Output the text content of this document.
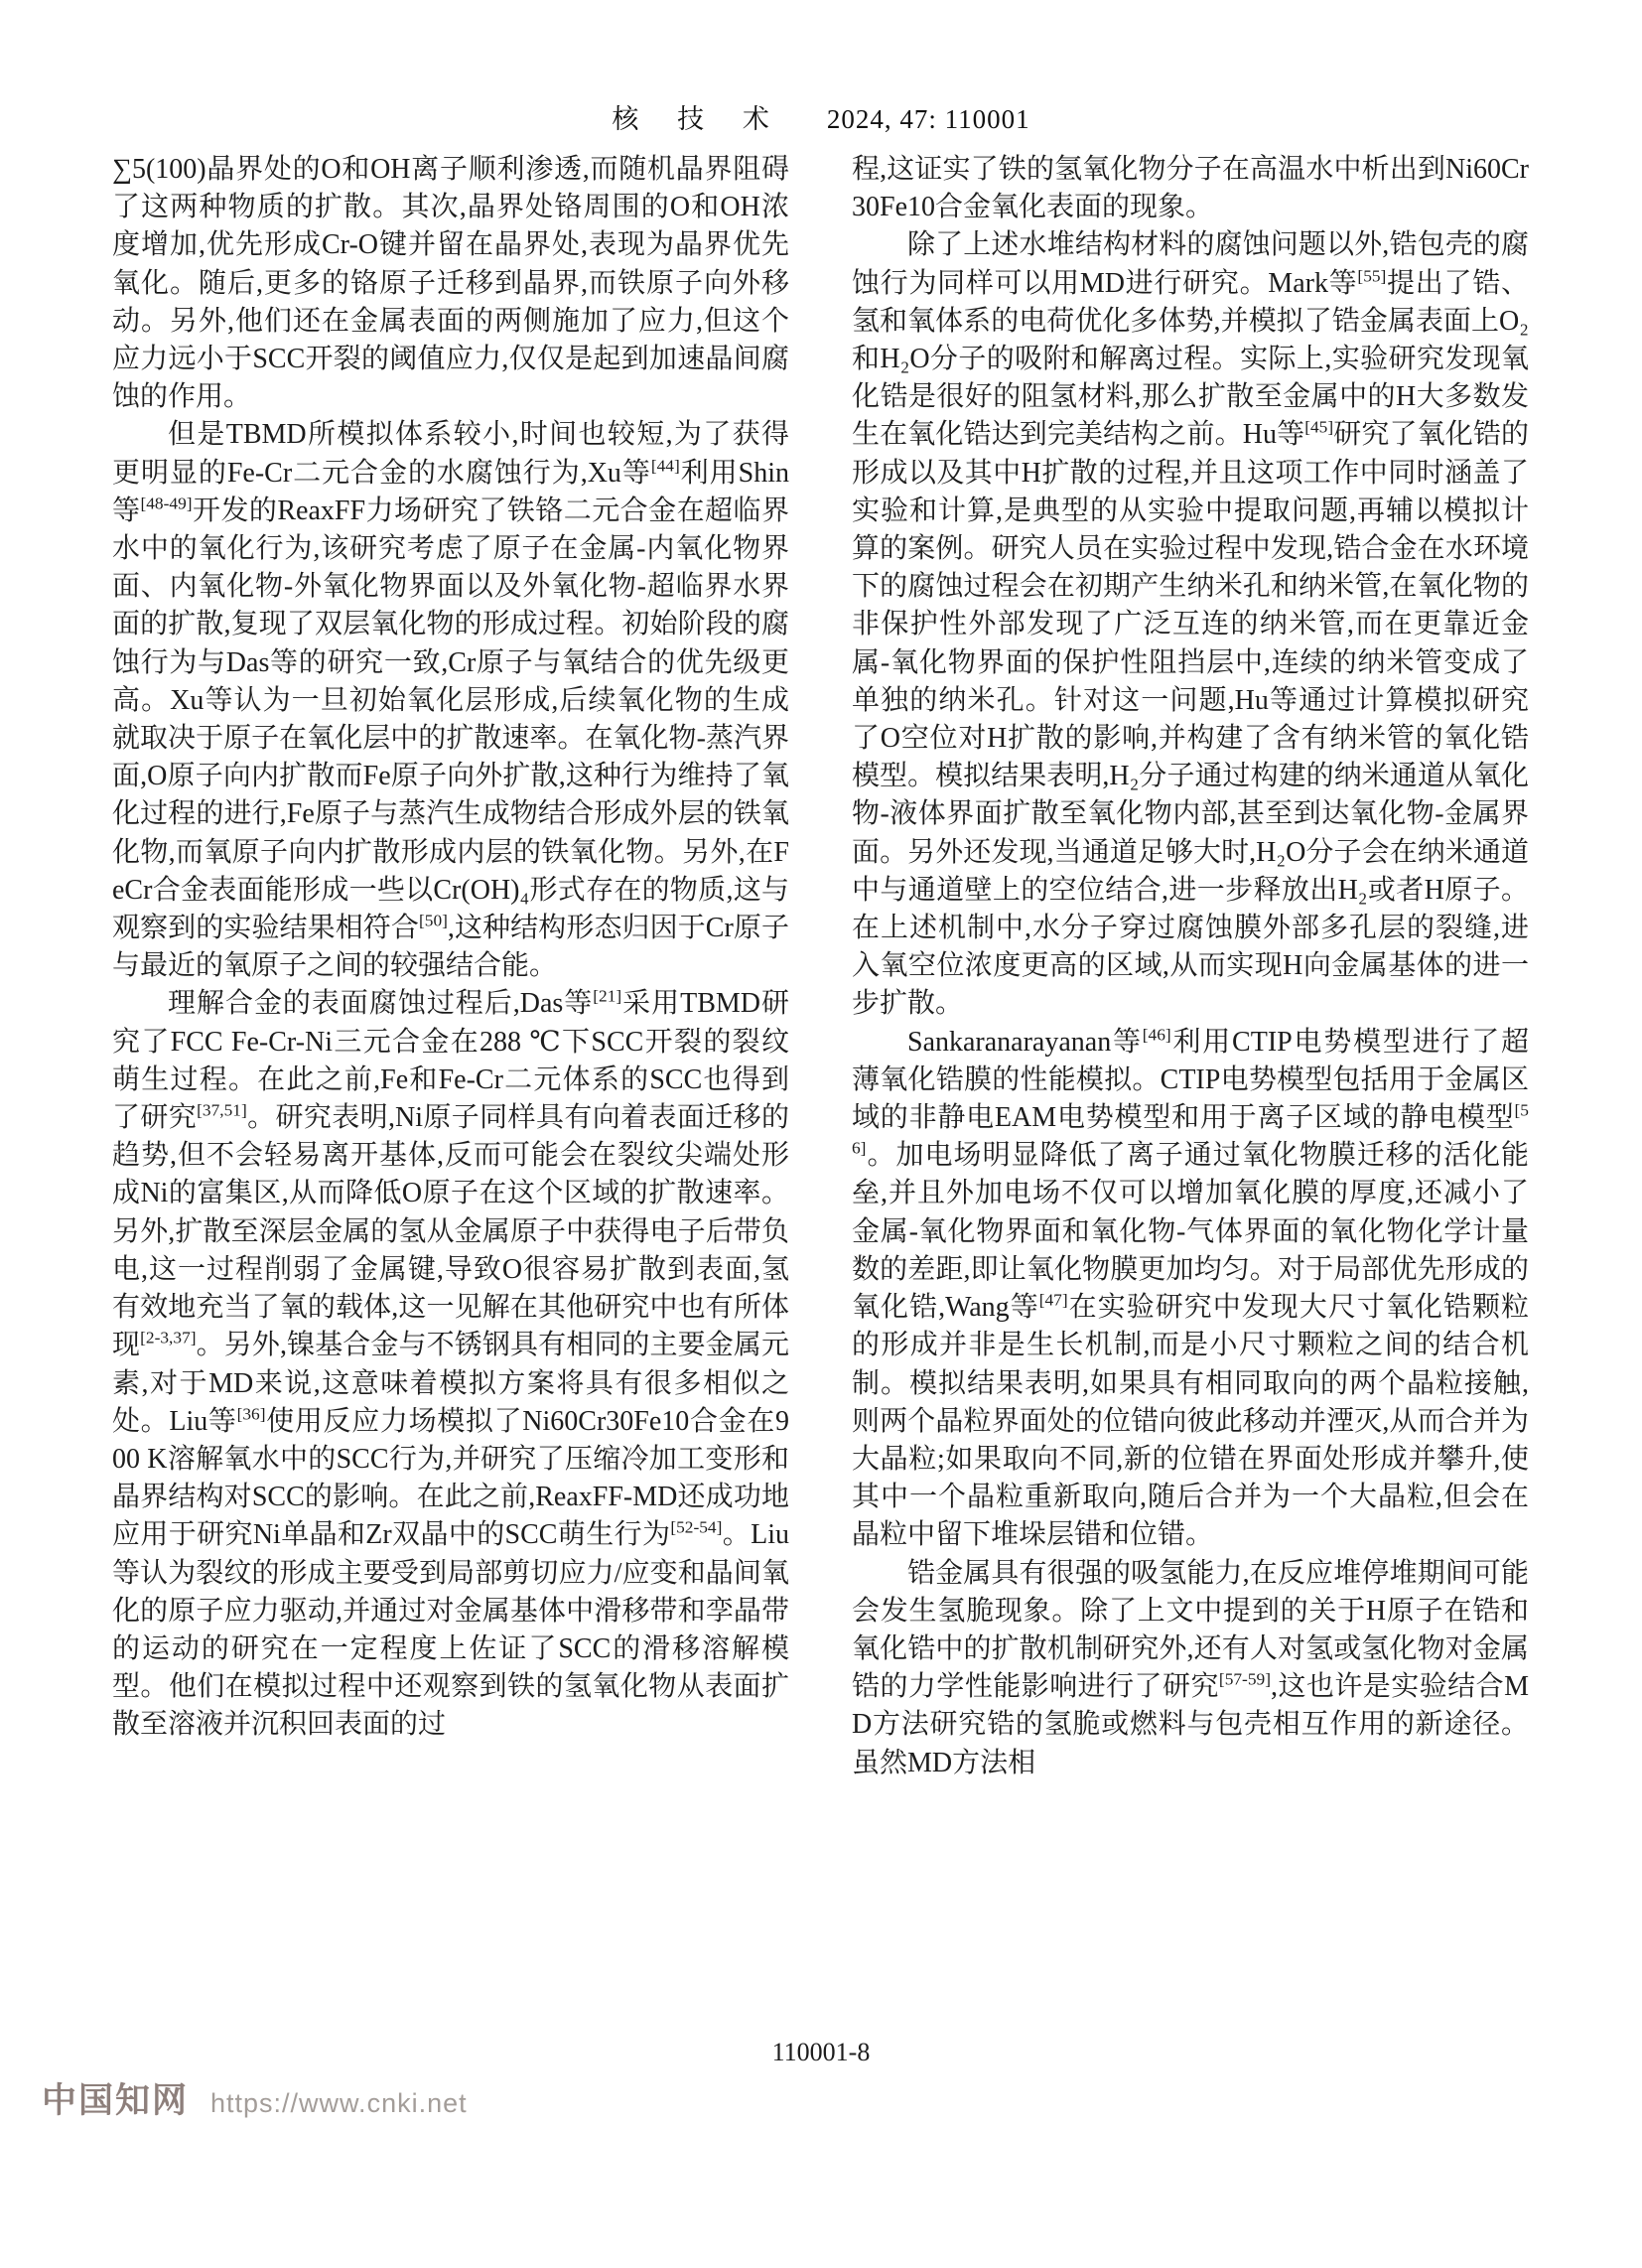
核 技 术 2024, 47: 110001

∑5(100)晶界处的O和OH离子顺利渗透,而随机晶界阻碍了这两种物质的扩散。其次,晶界处铬周围的O和OH浓度增加,优先形成Cr-O键并留在晶界处,表现为晶界优先氧化。随后,更多的铬原子迁移到晶界,而铁原子向外移动。另外,他们还在金属表面的两侧施加了应力,但这个应力远小于SCC开裂的阈值应力,仅仅是起到加速晶间腐蚀的作用。

但是TBMD所模拟体系较小,时间也较短,为了获得更明显的Fe-Cr二元合金的水腐蚀行为,Xu等[44]利用Shin等[48-49]开发的ReaxFF力场研究了铁铬二元合金在超临界水中的氧化行为,该研究考虑了原子在金属-内氧化物界面、内氧化物-外氧化物界面以及外氧化物-超临界水界面的扩散,复现了双层氧化物的形成过程。初始阶段的腐蚀行为与Das等的研究一致,Cr原子与氧结合的优先级更高。Xu等认为一旦初始氧化层形成,后续氧化物的生成就取决于原子在氧化层中的扩散速率。在氧化物-蒸汽界面,O原子向内扩散而Fe原子向外扩散,这种行为维持了氧化过程的进行,Fe原子与蒸汽生成物结合形成外层的铁氧化物,而氧原子向内扩散形成内层的铁氧化物。另外,在FeCr合金表面能形成一些以Cr(OH)₄形式存在的物质,这与观察到的实验结果相符合[50],这种结构形态归因于Cr原子与最近的氧原子之间的较强结合能。

理解合金的表面腐蚀过程后,Das等[21]采用TBMD研究了FCC Fe-Cr-Ni三元合金在288 ℃下SCC开裂的裂纹萌生过程。在此之前,Fe和Fe-Cr二元体系的SCC也得到了研究[37,51]。研究表明,Ni原子同样具有向着表面迁移的趋势,但不会轻易离开基体,反而可能会在裂纹尖端处形成Ni的富集区,从而降低O原子在这个区域的扩散速率。另外,扩散至深层金属的氢从金属原子中获得电子后带负电,这一过程削弱了金属键,导致O很容易扩散到表面,氢有效地充当了氧的载体,这一见解在其他研究中也有所体现[2-3,37]。另外,镍基合金与不锈钢具有相同的主要金属元素,对于MD来说,这意味着模拟方案将具有很多相似之处。Liu等[36]使用反应力场模拟了Ni60Cr30Fe10合金在900 K溶解氧水中的SCC行为,并研究了压缩冷加工变形和晶界结构对SCC的影响。在此之前,ReaxFF-MD还成功地应用于研究Ni单晶和Zr双晶中的SCC萌生行为[52-54]。Liu等认为裂纹的形成主要受到局部剪切应力/应变和晶间氧化的原子应力驱动,并通过对金属基体中滑移带和孪晶带的运动的研究在一定程度上佐证了SCC的滑移溶解模型。他们在模拟过程中还观察到铁的氢氧化物从表面扩散至溶液并沉积回表面的过

程,这证实了铁的氢氧化物分子在高温水中析出到Ni60Cr30Fe10合金氧化表面的现象。

除了上述水堆结构材料的腐蚀问题以外,锆包壳的腐蚀行为同样可以用MD进行研究。Mark等[55]提出了锆、氢和氧体系的电荷优化多体势,并模拟了锆金属表面上O₂和H₂O分子的吸附和解离过程。实际上,实验研究发现氧化锆是很好的阻氢材料,那么扩散至金属中的H大多数发生在氧化锆达到完美结构之前。Hu等[45]研究了氧化锆的形成以及其中H扩散的过程,并且这项工作中同时涵盖了实验和计算,是典型的从实验中提取问题,再辅以模拟计算的案例。研究人员在实验过程中发现,锆合金在水环境下的腐蚀过程会在初期产生纳米孔和纳米管,在氧化物的非保护性外部发现了广泛互连的纳米管,而在更靠近金属-氧化物界面的保护性阻挡层中,连续的纳米管变成了单独的纳米孔。针对这一问题,Hu等通过计算模拟研究了O空位对H扩散的影响,并构建了含有纳米管的氧化锆模型。模拟结果表明,H₂分子通过构建的纳米通道从氧化物-液体界面扩散至氧化物内部,甚至到达氧化物-金属界面。另外还发现,当通道足够大时,H₂O分子会在纳米通道中与通道壁上的空位结合,进一步释放出H₂或者H原子。在上述机制中,水分子穿过腐蚀膜外部多孔层的裂缝,进入氧空位浓度更高的区域,从而实现H向金属基体的进一步扩散。

Sankaranarayanan等[46]利用CTIP电势模型进行了超薄氧化锆膜的性能模拟。CTIP电势模型包括用于金属区域的非静电EAM电势模型和用于离子区域的静电模型[56]。加电场明显降低了离子通过氧化物膜迁移的活化能垒,并且外加电场不仅可以增加氧化膜的厚度,还减小了金属-氧化物界面和氧化物-气体界面的氧化物化学计量数的差距,即让氧化物膜更加均匀。对于局部优先形成的氧化锆,Wang等[47]在实验研究中发现大尺寸氧化锆颗粒的形成并非是生长机制,而是小尺寸颗粒之间的结合机制。模拟结果表明,如果具有相同取向的两个晶粒接触,则两个晶粒界面处的位错向彼此移动并湮灭,从而合并为大晶粒;如果取向不同,新的位错在界面处形成并攀升,使其中一个晶粒重新取向,随后合并为一个大晶粒,但会在晶粒中留下堆垛层错和位错。

锆金属具有很强的吸氢能力,在反应堆停堆期间可能会发生氢脆现象。除了上文中提到的关于H原子在锆和氧化锆中的扩散机制研究外,还有人对氢或氢化物对金属锆的力学性能影响进行了研究[57-59],这也许是实验结合MD方法研究锆的氢脆或燃料与包壳相互作用的新途径。虽然MD方法相

110001-8
中国知网 https://www.cnki.net
